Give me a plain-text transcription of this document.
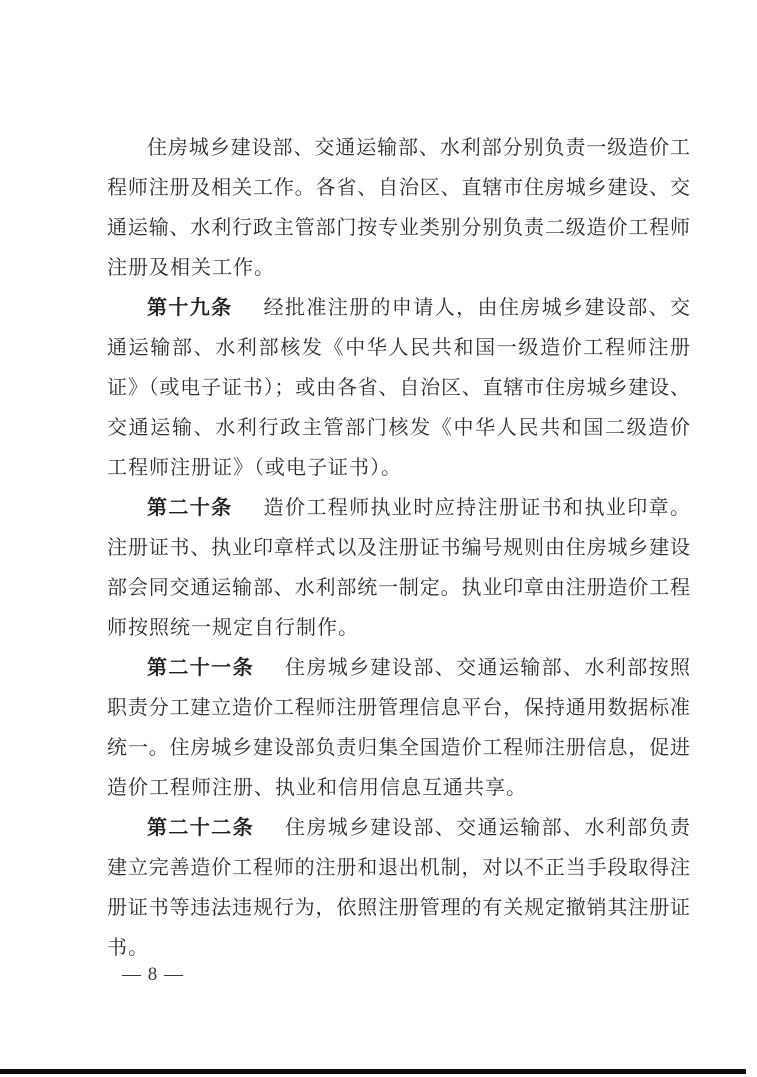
住房城乡建设部、交通运输部、水利部分别负责一级造价工
程师注册及相关工作。各省、自治区、直辖市住房城乡建设、交
通运输、水利行政主管部门按专业类别分别负责二级造价工程师
注册及相关工作。
第十九条 经批准注册的申请人，由住房城乡建设部、交
通运输部、水利部核发《中华人民共和国一级造价工程师注册
证》（或电子证书）；或由各省、自治区、直辖市住房城乡建设、
交通运输、水利行政主管部门核发《中华人民共和国二级造价
工程师注册证》（或电子证书）。
第二十条 造价工程师执业时应持注册证书和执业印章。
注册证书、执业印章样式以及注册证书编号规则由住房城乡建设
部会同交通运输部、水利部统一制定。执业印章由注册造价工程
师按照统一规定自行制作。
第二十一条 住房城乡建设部、交通运输部、水利部按照
职责分工建立造价工程师注册管理信息平台，保持通用数据标准
统一。住房城乡建设部负责归集全国造价工程师注册信息，促进
造价工程师注册、执业和信用信息互通共享。
第二十二条 住房城乡建设部、交通运输部、水利部负责
建立完善造价工程师的注册和退出机制，对以不正当手段取得注
册证书等违法违规行为，依照注册管理的有关规定撤销其注册证
书。
— 8 —
